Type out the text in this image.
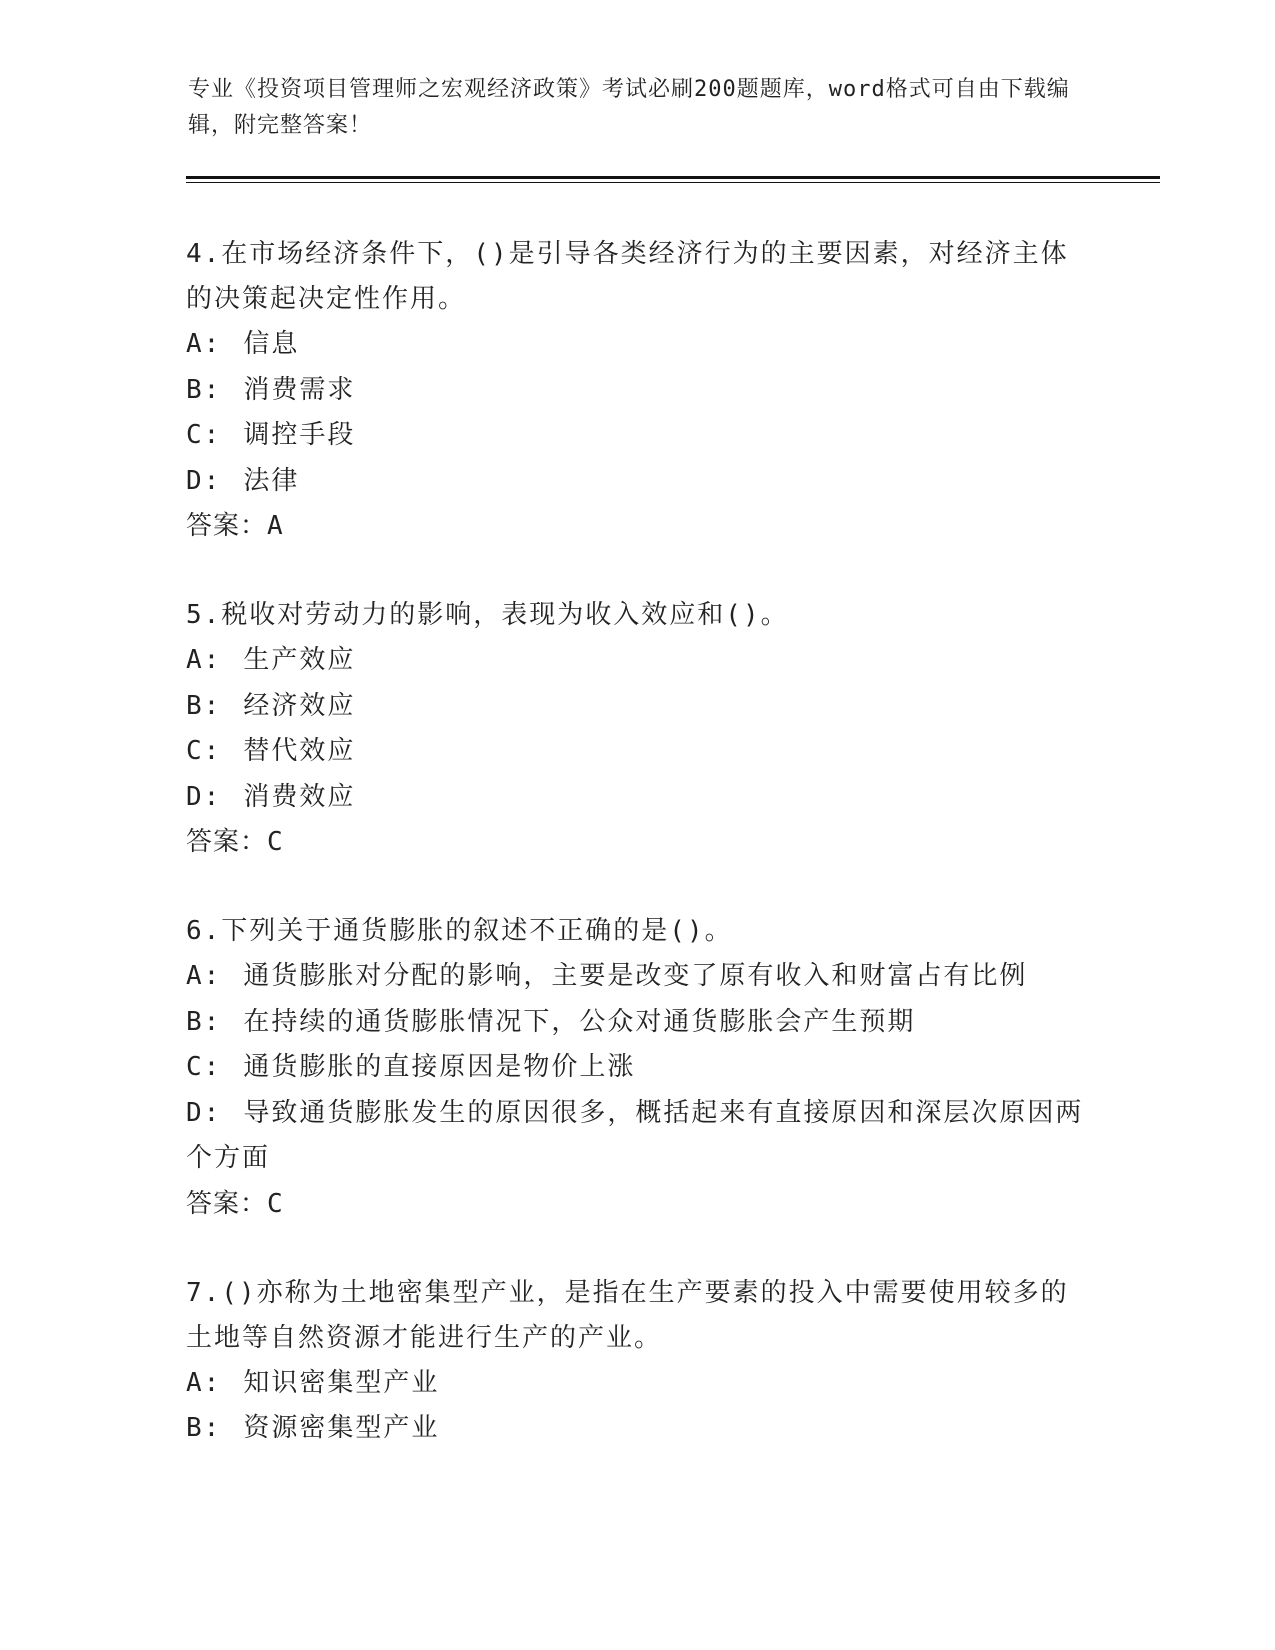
专业《投资项目管理师之宏观经济政策》考试必刷200题题库，word格式可自由下载编辑，附完整答案！
4.在市场经济条件下，()是引导各类经济行为的主要因素，对经济主体的决策起决定性作用。
A: 信息
B: 消费需求
C: 调控手段
D: 法律
答案：A
5.税收对劳动力的影响，表现为收入效应和()。
A: 生产效应
B: 经济效应
C: 替代效应
D: 消费效应
答案：C
6.下列关于通货膨胀的叙述不正确的是()。
A: 通货膨胀对分配的影响，主要是改变了原有收入和财富占有比例
B: 在持续的通货膨胀情况下，公众对通货膨胀会产生预期
C: 通货膨胀的直接原因是物价上涨
D: 导致通货膨胀发生的原因很多，概括起来有直接原因和深层次原因两个方面
答案：C
7.()亦称为土地密集型产业，是指在生产要素的投入中需要使用较多的土地等自然资源才能进行生产的产业。
A: 知识密集型产业
B: 资源密集型产业
